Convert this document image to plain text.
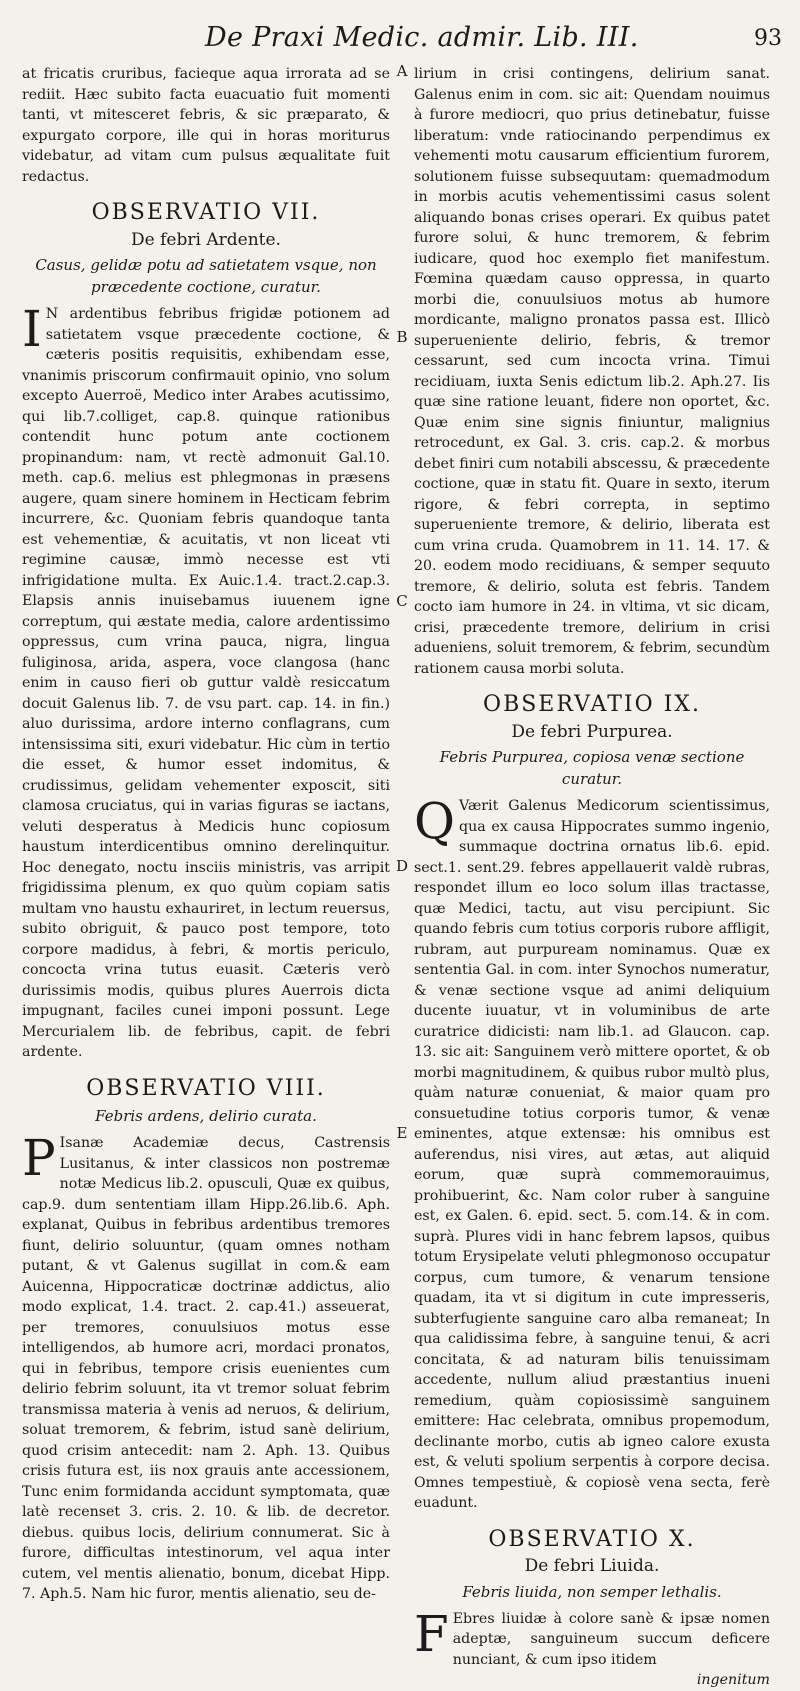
De Praxi Medic. admir. Lib. III.	93
A
B
C
D
E

at fricatis cruribus, facieque aqua irrorata ad se rediit. Hæc subito facta euacuatio fuit momenti tanti, vt mitesceret febris, & sic præparato, & expurgato corpore, ille qui in horas moriturus videbatur, ad vitam cum pulsus æqualitate fuit redactus.

OBSERVATIO VII.
De febri Ardente.
Casus, gelidæ potu ad satietatem vsque, non præcedente coctione, curatur.

I N ardentibus febribus frigidæ potionem ad satietatem vsque præcedente coctione, & cæteris positis requisitis, exhibendam esse, vnanimis priscorum confirmauit opinio, vno solum excepto Auerroë, Medico inter Arabes acutissimo, qui lib.7.colliget, cap.8. quinque rationibus contendit hunc potum ante coctionem propinandum: nam, vt rectè admonuit Gal.10. meth. cap.6. melius est phlegmonas in præsens augere, quam sinere hominem in Hecticam febrim incurrere, &c. Quoniam febris quandoque tanta est vehementiæ, & acuitatis, vt non liceat vti regimine causæ, immò necesse est vti infrigidatione multa. Ex Auic.1.4. tract.2.cap.3. Elapsis annis inuisebamus iuuenem igne correptum, qui æstate media, calore ardentissimo oppressus, cum vrina pauca, nigra, lingua fuliginosa, arida, aspera, voce clangosa (hanc enim in causo fieri ob guttur valdè resiccatum docuit Galenus lib. 7. de vsu part. cap. 14. in fin.) aluo durissima, ardore interno conflagrans, cum intensissima siti, exuri videbatur. Hic cùm in tertio die esset, & humor esset indomitus, & crudissimus, gelidam vehementer exposcit, siti clamosa cruciatus, qui in varias figuras se iactans, veluti desperatus à Medicis hunc copiosum haustum interdicentibus omnino derelinquitur. Hoc denegato, noctu insciis ministris, vas arripit frigidissima plenum, ex quo quùm copiam satis multam vno haustu exhauriret, in lectum reuersus, subito obriguit, & pauco post tempore, toto corpore madidus, à febri, & mortis periculo, concocta vrina tutus euasit. Cæteris verò durissimis modis, quibus plures Auerrois dicta impugnant, faciles cunei imponi possunt. Lege Mercurialem lib. de febribus, capit. de febri ardente.

OBSERVATIO VIII.
Febris ardens, delirio curata.

P Isanæ Academiæ decus, Castrensis Lusitanus, & inter classicos non postremæ notæ Medicus lib.2. opusculi, Quæ ex quibus, cap.9. dum sententiam illam Hipp.26.lib.6. Aph. explanat, Quibus in febribus ardentibus tremores fiunt, delirio soluuntur, (quam omnes notham putant, & vt Galenus sugillat in com.& eam Auicenna, Hippocraticæ doctrinæ addictus, alio modo explicat, 1.4. tract. 2. cap.41.) asseuerat, per tremores, conuulsiuos motus esse intelligendos, ab humore acri, mordaci pronatos, qui in febribus, tempore crisis euenientes cum delirio febrim soluunt, ita vt tremor soluat febrim transmissa materia à venis ad neruos, & delirium, soluat tremorem, & febrim, istud sanè delirium, quod crisim antecedit: nam 2. Aph. 13. Quibus crisis futura est, iis nox grauis ante accessionem, Tunc enim formidanda accidunt symptomata, quæ latè recenset 3. cris. 2. 10. & lib. de decretor. diebus. quibus locis, delirium connumerat. Sic à furore, difficultas intestinorum, vel aqua inter cutem, vel mentis alienatio, bonum, dicebat Hipp. 7. Aph.5. Nam hic furor, mentis alienatio, seu de-

lirium in crisi contingens, delirium sanat. Galenus enim in com. sic ait: Quendam nouimus à furore mediocri, quo prius detinebatur, fuisse liberatum: vnde ratiocinando perpendimus ex vehementi motu causarum efficientium furorem, solutionem fuisse subsequutam: quemadmodum in morbis acutis vehementissimi casus solent aliquando bonas crises operari. Ex quibus patet furore solui, & hunc tremorem, & febrim iudicare, quod hoc exemplo fiet manifestum. Fœmina quædam causo oppressa, in quarto morbi die, conuulsiuos motus ab humore mordicante, maligno pronatos passa est. Illicò superueniente delirio, febris, & tremor cessarunt, sed cum incocta vrina. Timui recidiuam, iuxta Senis edictum lib.2. Aph.27. Iis quæ sine ratione leuant, fidere non oportet, &c. Quæ enim sine signis finiuntur, malignius retrocedunt, ex Gal. 3. cris. cap.2. & morbus debet finiri cum notabili abscessu, & præcedente coctione, quæ in statu fit. Quare in sexto, iterum rigore, & febri correpta, in septimo superueniente tremore, & delirio, liberata est cum vrina cruda. Quamobrem in 11. 14. 17. & 20. eodem modo recidiuans, & semper sequuto tremore, & delirio, soluta est febris. Tandem cocto iam humore in 24. in vltima, vt sic dicam, crisi, præcedente tremore, delirium in crisi adueniens, soluit tremorem, & febrim, secundùm rationem causa morbi soluta.

OBSERVATIO IX.
De febri Purpurea.
Febris Purpurea, copiosa venæ sectione curatur.

Q Værit Galenus Medicorum scientissimus, qua ex causa Hippocrates summo ingenio, summaque doctrina ornatus lib.6. epid. sect.1. sent.29. febres appellauerit valdè rubras, respondet illum eo loco solum illas tractasse, quæ Medici, tactu, aut visu percipiunt. Sic quando febris cum totius corporis rubore affligit, rubram, aut purpuream nominamus. Quæ ex sententia Gal. in com. inter Synochos numeratur, & venæ sectione vsque ad animi deliquium ducente iuuatur, vt in voluminibus de arte curatrice didicisti: nam lib.1. ad Glaucon. cap. 13. sic ait: Sanguinem verò mittere oportet, & ob morbi magnitudinem, & quibus rubor multò plus, quàm naturæ conueniat, & maior quam pro consuetudine totius corporis tumor, & venæ eminentes, atque extensæ: his omnibus est auferendus, nisi vires, aut ætas, aut aliquid eorum, quæ suprà commemorauimus, prohibuerint, &c. Nam color ruber à sanguine est, ex Galen. 6. epid. sect. 5. com.14. & in com. suprà. Plures vidi in hanc febrem lapsos, quibus totum Erysipelate veluti phlegmonoso occupatur corpus, cum tumore, & venarum tensione quadam, ita vt si digitum in cute impresseris, subterfugiente sanguine caro alba remaneat; In qua calidissima febre, à sanguine tenui, & acri concitata, & ad naturam bilis tenuissimam accedente, nullum aliud præstantius inueni remedium, quàm copiosissimè sanguinem emittere: Hac celebrata, omnibus propemodum, declinante morbo, cutis ab igneo calore exusta est, & veluti spolium serpentis à corpore decisa. Omnes tempestiuè, & copiosè vena secta, ferè euadunt.

OBSERVATIO X.
De febri Liuida.
Febris liuida, non semper lethalis.

F Ebres liuidæ à colore sanè & ipsæ nomen adeptæ, sanguineum succum deficere nunciant, & cum ipso itidem

ingenitum
